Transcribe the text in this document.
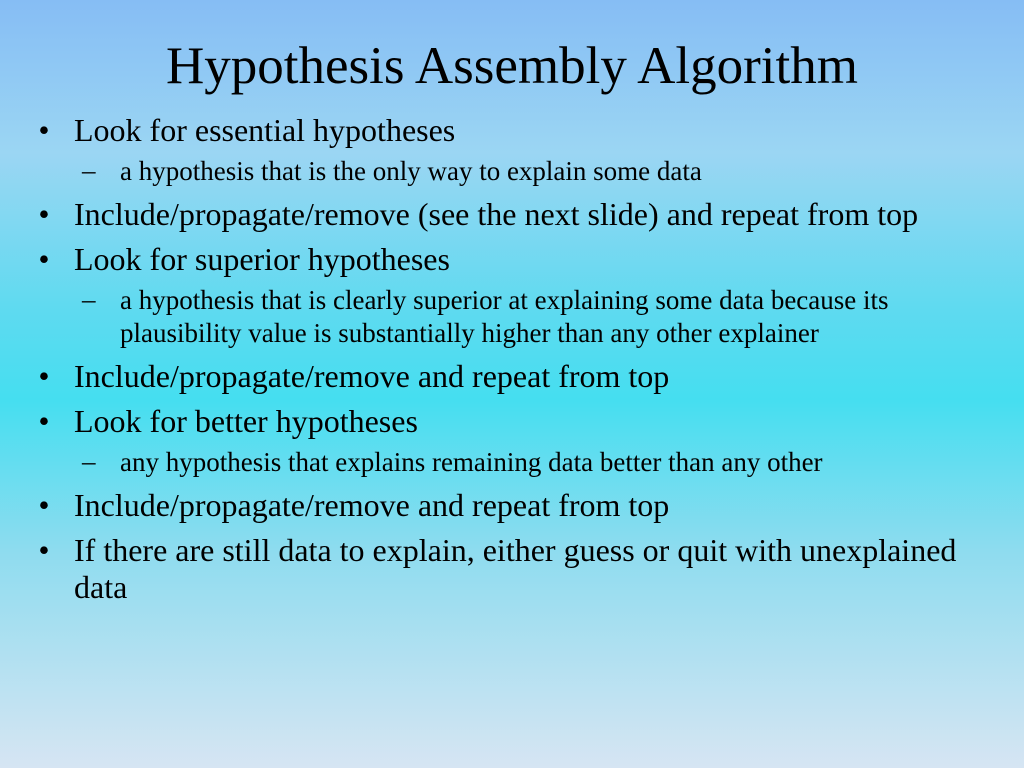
Hypothesis Assembly Algorithm
• Look for essential hypotheses
– a hypothesis that is the only way to explain some data
• Include/propagate/remove (see the next slide) and repeat from top
• Look for superior hypotheses
– a hypothesis that is clearly superior at explaining some data because its plausibility value is substantially higher than any other explainer
• Include/propagate/remove and repeat from top
• Look for better hypotheses
– any hypothesis that explains remaining data better than any other
• Include/propagate/remove and repeat from top
• If there are still data to explain, either guess or quit with unexplained data
